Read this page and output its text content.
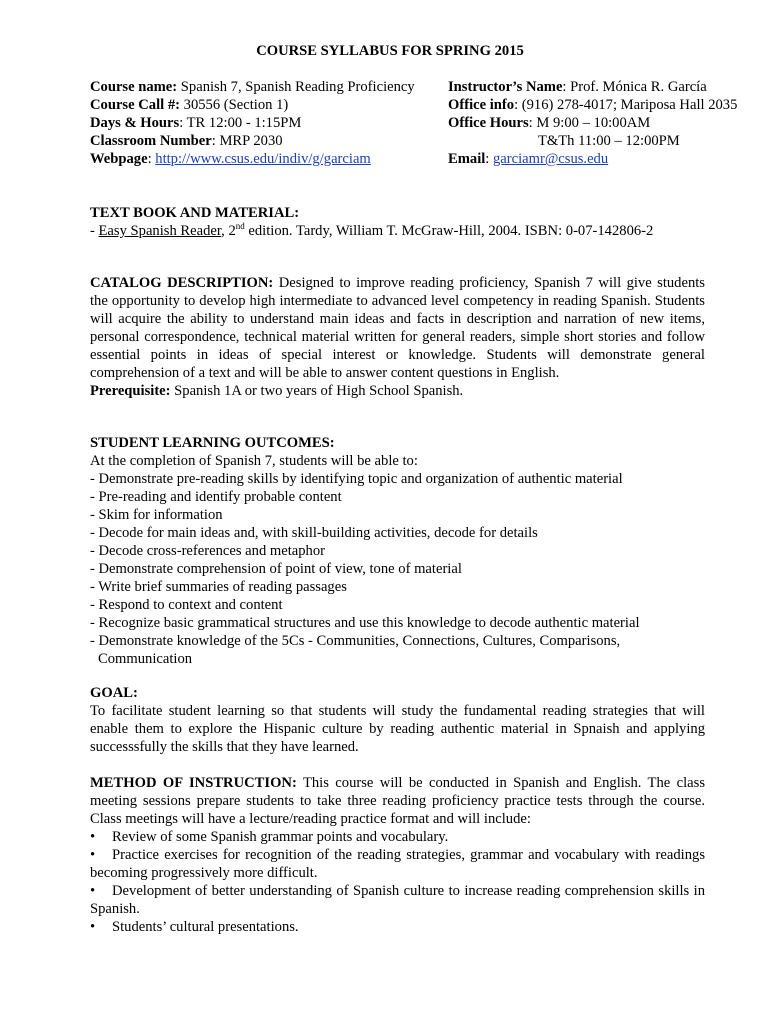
COURSE SYLLABUS FOR SPRING 2015
Course name: Spanish 7, Spanish Reading Proficiency
Course Call #: 30556 (Section 1)
Days & Hours: TR 12:00 - 1:15PM
Classroom Number: MRP 2030
Webpage: http://www.csus.edu/indiv/g/garciam
Instructor’s Name: Prof. Mónica R. García
Office info: (916) 278-4017; Mariposa Hall 2035
Office Hours: M 9:00 – 10:00AM
T&Th 11:00 – 12:00PM
Email: garciamr@csus.edu
TEXT BOOK AND MATERIAL:
- Easy Spanish Reader, 2nd edition. Tardy, William T. McGraw-Hill, 2004. ISBN: 0-07-142806-2

CATALOG DESCRIPTION: Designed to improve reading proficiency, Spanish 7 will give students the opportunity to develop high intermediate to advanced level competency in reading Spanish. Students will acquire the ability to understand main ideas and facts in description and narration of new items, personal correspondence, technical material written for general readers, simple short stories and follow essential points in ideas of special interest or knowledge. Students will demonstrate general comprehension of a text and will be able to answer content questions in English.

Prerequisite: Spanish 1A or two years of High School Spanish.

STUDENT LEARNING OUTCOMES:
At the completion of Spanish 7, students will be able to:
- Demonstrate pre-reading skills by identifying topic and organization of authentic material
- Pre-reading and identify probable content
- Skim for information
- Decode for main ideas and, with skill-building activities, decode for details
- Decode cross-references and metaphor
- Demonstrate comprehension of point of view, tone of material
- Write brief summaries of reading passages
- Respond to context and content
- Recognize basic grammatical structures and use this knowledge to decode authentic material
- Demonstrate knowledge of the 5Cs - Communities, Connections, Cultures, Comparisons,
Communication
GOAL:

To facilitate student learning so that students will study the fundamental reading strategies that will enable them to explore the Hispanic culture by reading authentic material in Spnaish and applying successsfully the skills that they have learned.

METHOD OF INSTRUCTION: This course will be conducted in Spanish and English. The class meeting sessions prepare students to take three reading proficiency practice tests through the course. Class meetings will have a lecture/reading practice format and will include:

•	Review of some Spanish grammar points and vocabulary.

• Practice exercises for recognition of the reading strategies, grammar and vocabulary with readings becoming progressively more difficult.

• Development of better understanding of Spanish culture to increase reading comprehension skills in Spanish.

•	Students’ cultural presentations.
